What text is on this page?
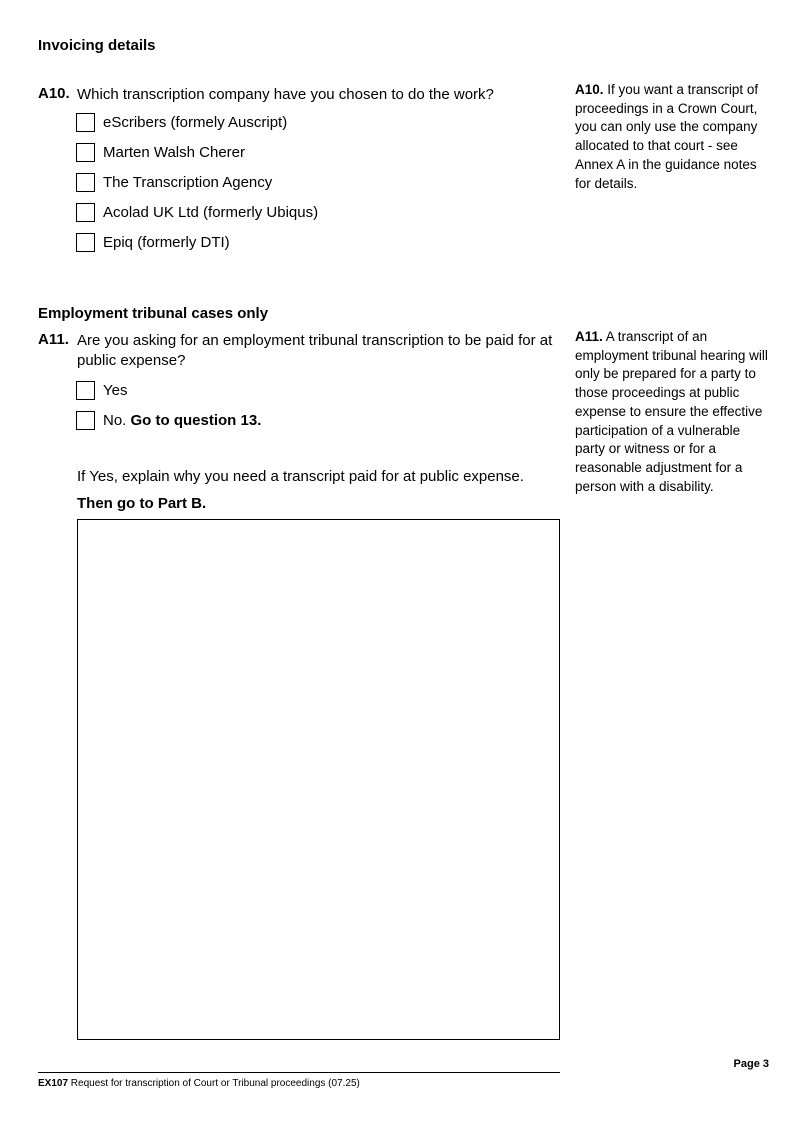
Invoicing details
A10. Which transcription company have you chosen to do the work?
eScribers (formely Auscript)
Marten Walsh Cherer
The Transcription Agency
Acolad UK Ltd (formerly Ubiqus)
Epiq (formerly DTI)
A10. If you want a transcript of proceedings in a Crown Court, you can only use the company allocated to that court - see Annex A in the guidance notes for details.
Employment tribunal cases only
A11. Are you asking for an employment tribunal transcription to be paid for at public expense?
Yes
No. Go to question 13.
If Yes, explain why you need a transcript paid for at public expense.
Then go to Part B.
A11. A transcript of an employment tribunal hearing will only be prepared for a party to those proceedings at public expense to ensure the effective participation of a vulnerable party or witness or for a reasonable adjustment for a person with a disability.
Page 3
EX107 Request for transcription of Court or Tribunal proceedings (07.25)
